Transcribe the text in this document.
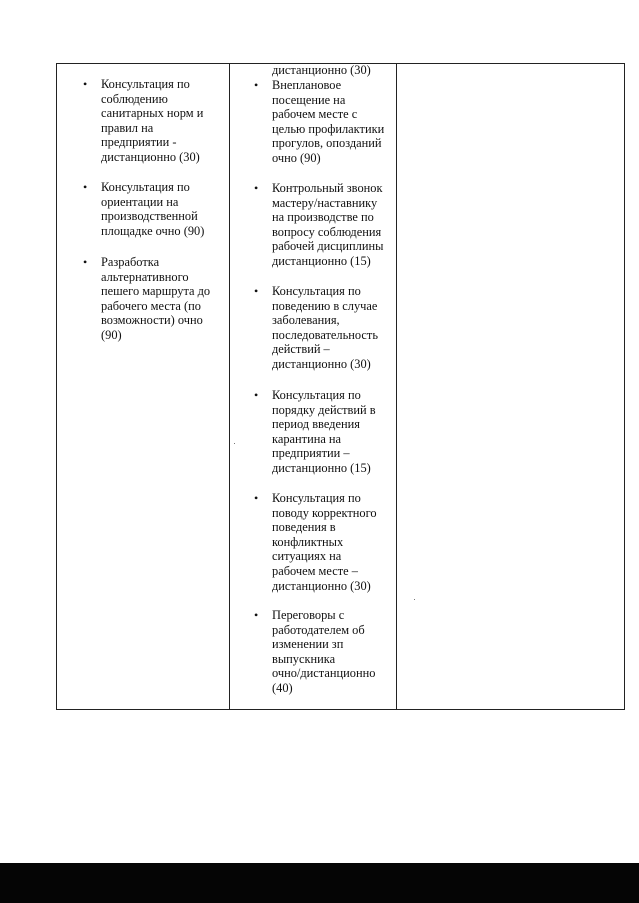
• Консультация по
соблюдению
санитарных норм и
правил на
предприятии -
дистанционно (30)
• Консультация по
ориентации на
производственной
площадке очно (90)
• Разработка
альтернативного
пешего маршрута до
рабочего места (по
возможности) очно
(90)
дистанционно (30)
• Внеплановое
посещение на
рабочем месте с
целью профилактики
прогулов, опозданий
очно (90)
• Контрольный звонок
мастеру/наставнику
на производстве по
вопросу соблюдения
рабочей дисциплины
дистанционно (15)
• Консультация по
поведению в случае
заболевания,
последовательность
действий –
дистанционно (30)
• Консультация по
порядку действий в
период введения
карантина на
предприятии –
дистанционно (15)
• Консультация по
поводу корректного
поведения в
конфликтных
ситуациях на
рабочем месте –
дистанционно (30)
• Переговоры с
работодателем об
изменении зп
выпускника
очно/дистанционно
(40)
